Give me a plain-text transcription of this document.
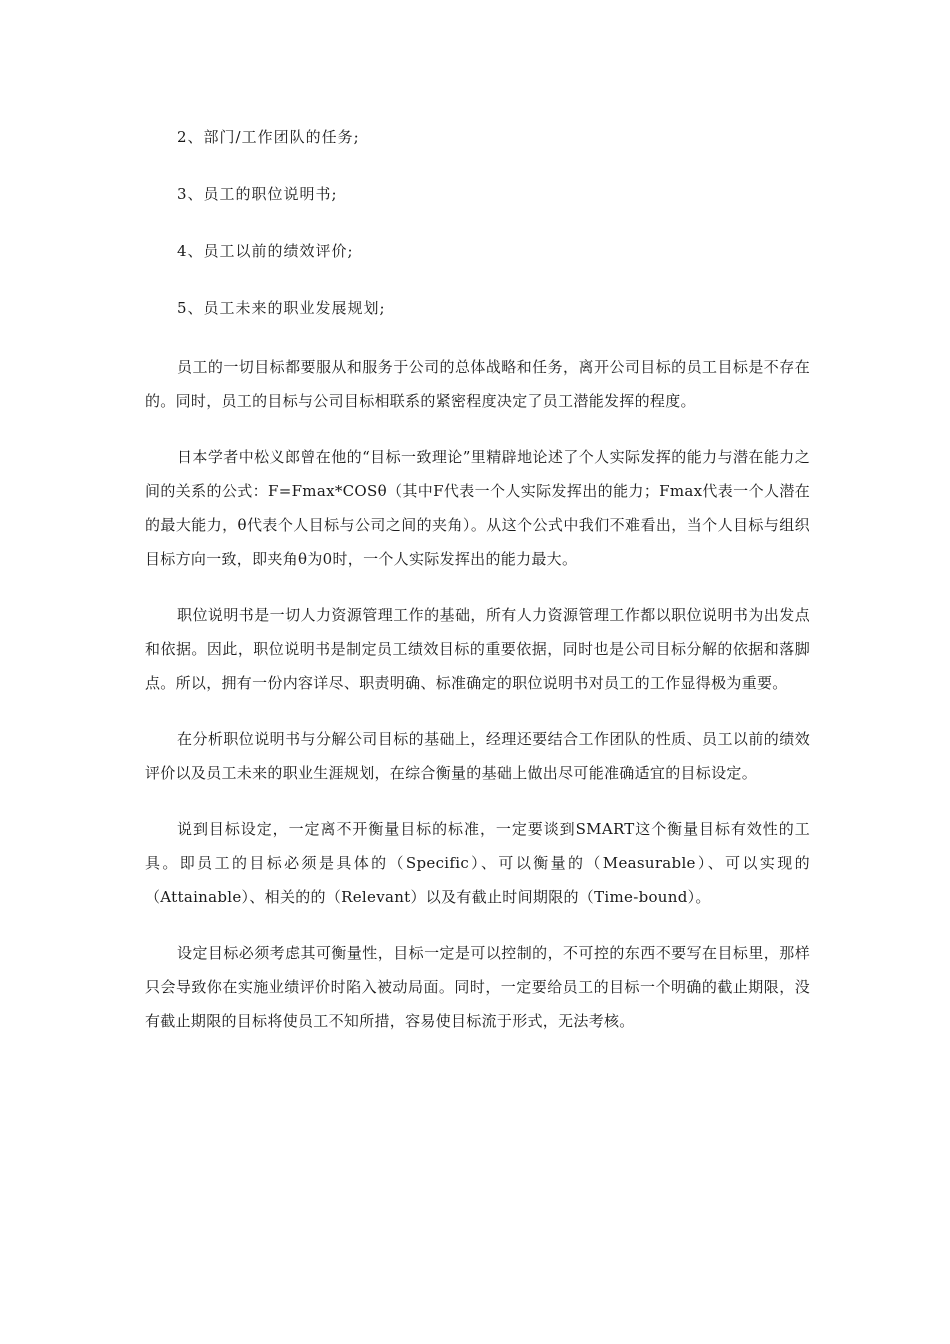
2、部门/工作团队的任务;

3、员工的职位说明书;

4、员工以前的绩效评价;

5、员工未来的职业发展规划;

员工的一切目标都要服从和服务于公司的总体战略和任务，离开公司目标的员工目标是不存在的。同时，员工的目标与公司目标相联系的紧密程度决定了员工潜能发挥的程度。

日本学者中松义郎曾在他的“目标一致理论”里精辟地论述了个人实际发挥的能力与潜在能力之间的关系的公式：F=Fmax*COSθ（其中F代表一个人实际发挥出的能力；Fmax代表一个人潜在的最大能力，θ代表个人目标与公司之间的夹角）。从这个公式中我们不难看出，当个人目标与组织目标方向一致，即夹角θ为0时，一个人实际发挥出的能力最大。

职位说明书是一切人力资源管理工作的基础，所有人力资源管理工作都以职位说明书为出发点和依据。因此，职位说明书是制定员工绩效目标的重要依据，同时也是公司目标分解的依据和落脚点。所以，拥有一份内容详尽、职责明确、标准确定的职位说明书对员工的工作显得极为重要。

在分析职位说明书与分解公司目标的基础上，经理还要结合工作团队的性质、员工以前的绩效评价以及员工未来的职业生涯规划，在综合衡量的基础上做出尽可能准确适宜的目标设定。

说到目标设定，一定离不开衡量目标的标准，一定要谈到SMART这个衡量目标有效性的工具。即员工的目标必须是具体的（Specific）、可以衡量的（Measurable）、可以实现的（Attainable）、相关的的（Relevant）以及有截止时间期限的（Time-bound）。

设定目标必须考虑其可衡量性，目标一定是可以控制的，不可控的东西不要写在目标里，那样只会导致你在实施业绩评价时陷入被动局面。同时，一定要给员工的目标一个明确的截止期限，没有截止期限的目标将使员工不知所措，容易使目标流于形式，无法考核。
